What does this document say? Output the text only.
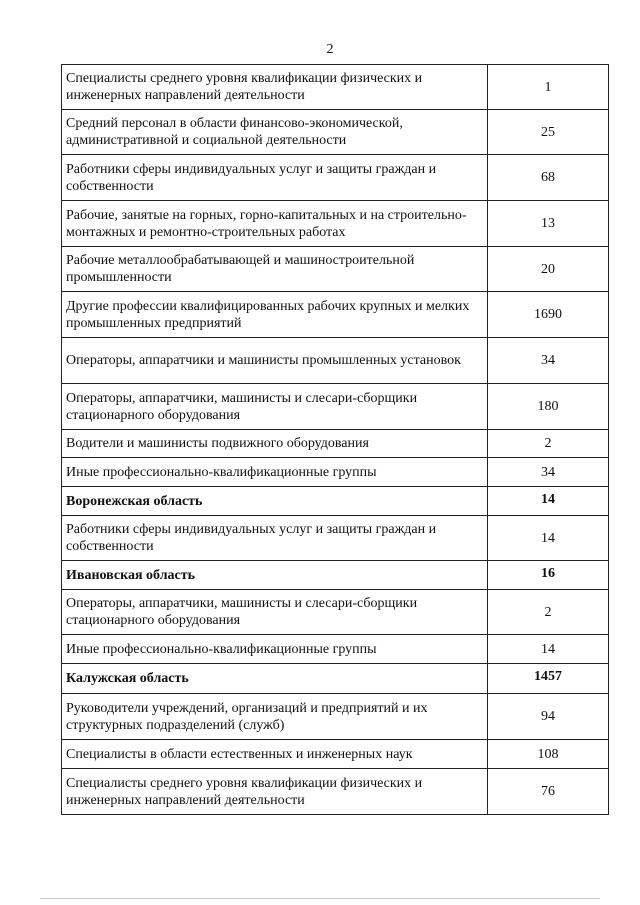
2
Специалисты среднего уровня квалификации физических и инженерных направлений деятельности	1
Средний персонал в области финансово-экономической, административной и социальной деятельности	25
Работники сферы индивидуальных услуг и защиты граждан и собственности	68
Рабочие, занятые на горных, горно-капитальных и на строительно-монтажных и ремонтно-строительных работах	13
Рабочие металлообрабатывающей и машиностроительной промышленности	20
Другие профессии квалифицированных рабочих крупных и мелких промышленных предприятий	1690
Операторы, аппаратчики и машинисты промышленных установок	34
Операторы, аппаратчики, машинисты и слесари-сборщики стационарного оборудования	180
Водители и машинисты подвижного оборудования	2
Иные профессионально-квалификационные группы	34
Воронежская область	14
Работники сферы индивидуальных услуг и защиты граждан и собственности	14
Ивановская область	16
Операторы, аппаратчики, машинисты и слесари-сборщики стационарного оборудования	2
Иные профессионально-квалификационные группы	14
Калужская область	1457
Руководители учреждений, организаций и предприятий и их структурных подразделений (служб)	94
Специалисты в области естественных и инженерных наук	108
Специалисты среднего уровня квалификации физических и инженерных направлений деятельности	76
